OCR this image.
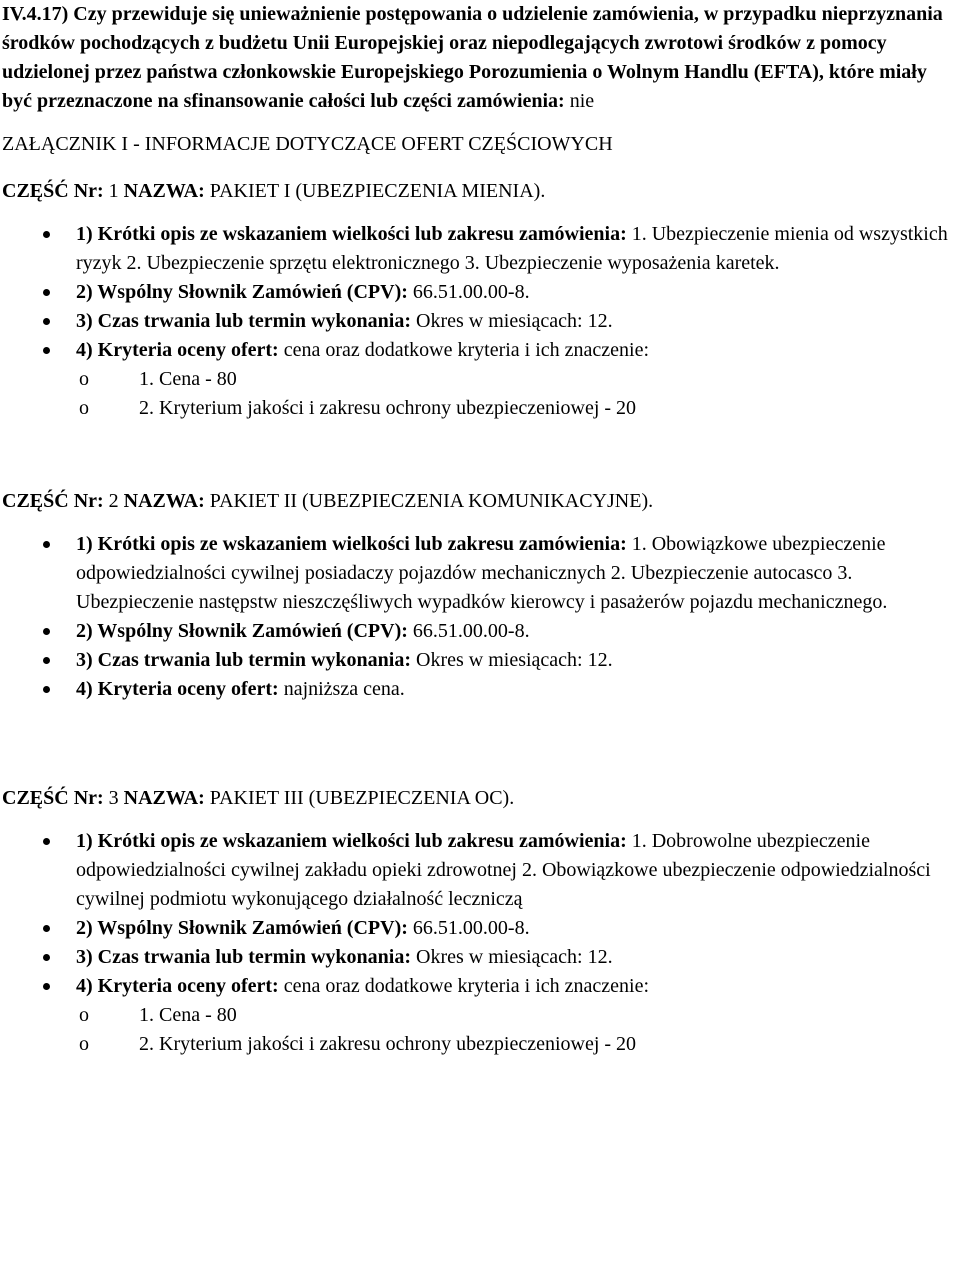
IV.4.17) Czy przewiduje się unieważnienie postępowania o udzielenie zamówienia, w przypadku nieprzyznania środków pochodzących z budżetu Unii Europejskiej oraz niepodlegających zwrotowi środków z pomocy udzielonej przez państwa członkowskie Europejskiego Porozumienia o Wolnym Handlu (EFTA), które miały być przeznaczone na sfinansowanie całości lub części zamówienia: nie

ZAŁĄCZNIK I - INFORMACJE DOTYCZĄCE OFERT CZĘŚCIOWYCH

CZĘŚĆ Nr: 1 NAZWA: PAKIET I (UBEZPIECZENIA MIENIA).

1) Krótki opis ze wskazaniem wielkości lub zakresu zamówienia: 1. Ubezpieczenie mienia od wszystkich ryzyk 2. Ubezpieczenie sprzętu elektronicznego 3. Ubezpieczenie wyposażenia karetek.
2) Wspólny Słownik Zamówień (CPV): 66.51.00.00-8.
3) Czas trwania lub termin wykonania: Okres w miesiącach: 12.
4) Kryteria oceny ofert: cena oraz dodatkowe kryteria i ich znaczenie:
o 1. Cena - 80
o 2. Kryterium jakości i zakresu ochrony ubezpieczeniowej - 20

CZĘŚĆ Nr: 2 NAZWA: PAKIET II (UBEZPIECZENIA KOMUNIKACYJNE).

1) Krótki opis ze wskazaniem wielkości lub zakresu zamówienia: 1. Obowiązkowe ubezpieczenie odpowiedzialności cywilnej posiadaczy pojazdów mechanicznych 2. Ubezpieczenie autocasco 3. Ubezpieczenie następstw nieszczęśliwych wypadków kierowcy i pasażerów pojazdu mechanicznego.
2) Wspólny Słownik Zamówień (CPV): 66.51.00.00-8.
3) Czas trwania lub termin wykonania: Okres w miesiącach: 12.
4) Kryteria oceny ofert: najniższa cena.

CZĘŚĆ Nr: 3 NAZWA: PAKIET III (UBEZPIECZENIA OC).

1) Krótki opis ze wskazaniem wielkości lub zakresu zamówienia: 1. Dobrowolne ubezpieczenie odpowiedzialności cywilnej zakładu opieki zdrowotnej 2. Obowiązkowe ubezpieczenie odpowiedzialności cywilnej podmiotu wykonującego działalność leczniczą
2) Wspólny Słownik Zamówień (CPV): 66.51.00.00-8.
3) Czas trwania lub termin wykonania: Okres w miesiącach: 12.
4) Kryteria oceny ofert: cena oraz dodatkowe kryteria i ich znaczenie:
o 1. Cena - 80
o 2. Kryterium jakości i zakresu ochrony ubezpieczeniowej - 20
